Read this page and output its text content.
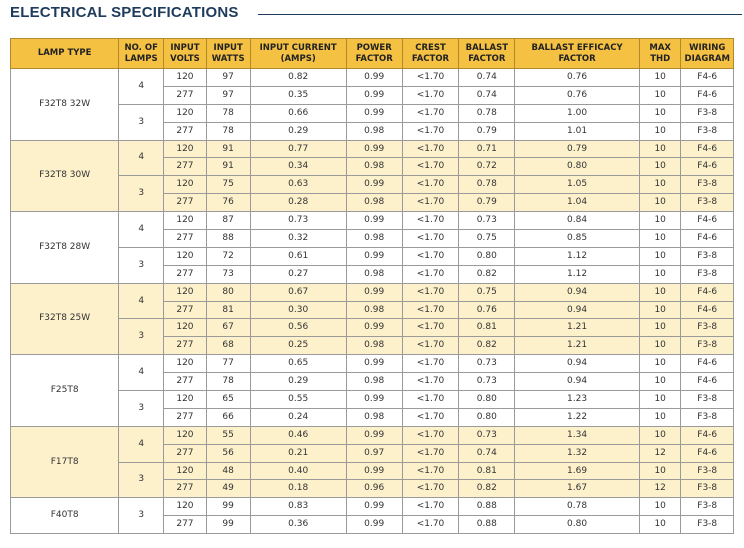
ELECTRICAL SPECIFICATIONS
LAMP TYPE	NO. OF LAMPS	INPUT VOLTS	INPUT WATTS	INPUT CURRENT (AMPS)	POWER FACTOR	CREST FACTOR	BALLAST FACTOR	BALLAST EFFICACY FACTOR	MAX THD	WIRING DIAGRAM
F32T8 32W	4	120	97	0.82	0.99	<1.70	0.74	0.76	10	F4-6
		277	97	0.35	0.99	<1.70	0.74	0.76	10	F4-6
	3	120	78	0.66	0.99	<1.70	0.78	1.00	10	F3-8
		277	78	0.29	0.98	<1.70	0.79	1.01	10	F3-8
F32T8 30W	4	120	91	0.77	0.99	<1.70	0.71	0.79	10	F4-6
		277	91	0.34	0.98	<1.70	0.72	0.80	10	F4-6
	3	120	75	0.63	0.99	<1.70	0.78	1.05	10	F3-8
		277	76	0.28	0.98	<1.70	0.79	1.04	10	F3-8
F32T8 28W	4	120	87	0.73	0.99	<1.70	0.73	0.84	10	F4-6
		277	88	0.32	0.98	<1.70	0.75	0.85	10	F4-6
	3	120	72	0.61	0.99	<1.70	0.80	1.12	10	F3-8
		277	73	0.27	0.98	<1.70	0.82	1.12	10	F3-8
F32T8 25W	4	120	80	0.67	0.99	<1.70	0.75	0.94	10	F4-6
		277	81	0.30	0.98	<1.70	0.76	0.94	10	F4-6
	3	120	67	0.56	0.99	<1.70	0.81	1.21	10	F3-8
		277	68	0.25	0.98	<1.70	0.82	1.21	10	F3-8
F25T8	4	120	77	0.65	0.99	<1.70	0.73	0.94	10	F4-6
		277	78	0.29	0.98	<1.70	0.73	0.94	10	F4-6
	3	120	65	0.55	0.99	<1.70	0.80	1.23	10	F3-8
		277	66	0.24	0.98	<1.70	0.80	1.22	10	F3-8
F17T8	4	120	55	0.46	0.99	<1.70	0.73	1.34	10	F4-6
		277	56	0.21	0.97	<1.70	0.74	1.32	12	F4-6
	3	120	48	0.40	0.99	<1.70	0.81	1.69	10	F3-8
		277	49	0.18	0.96	<1.70	0.82	1.67	12	F3-8
F40T8	3	120	99	0.83	0.99	<1.70	0.88	0.78	10	F3-8
		277	99	0.36	0.99	<1.70	0.88	0.80	10	F3-8
